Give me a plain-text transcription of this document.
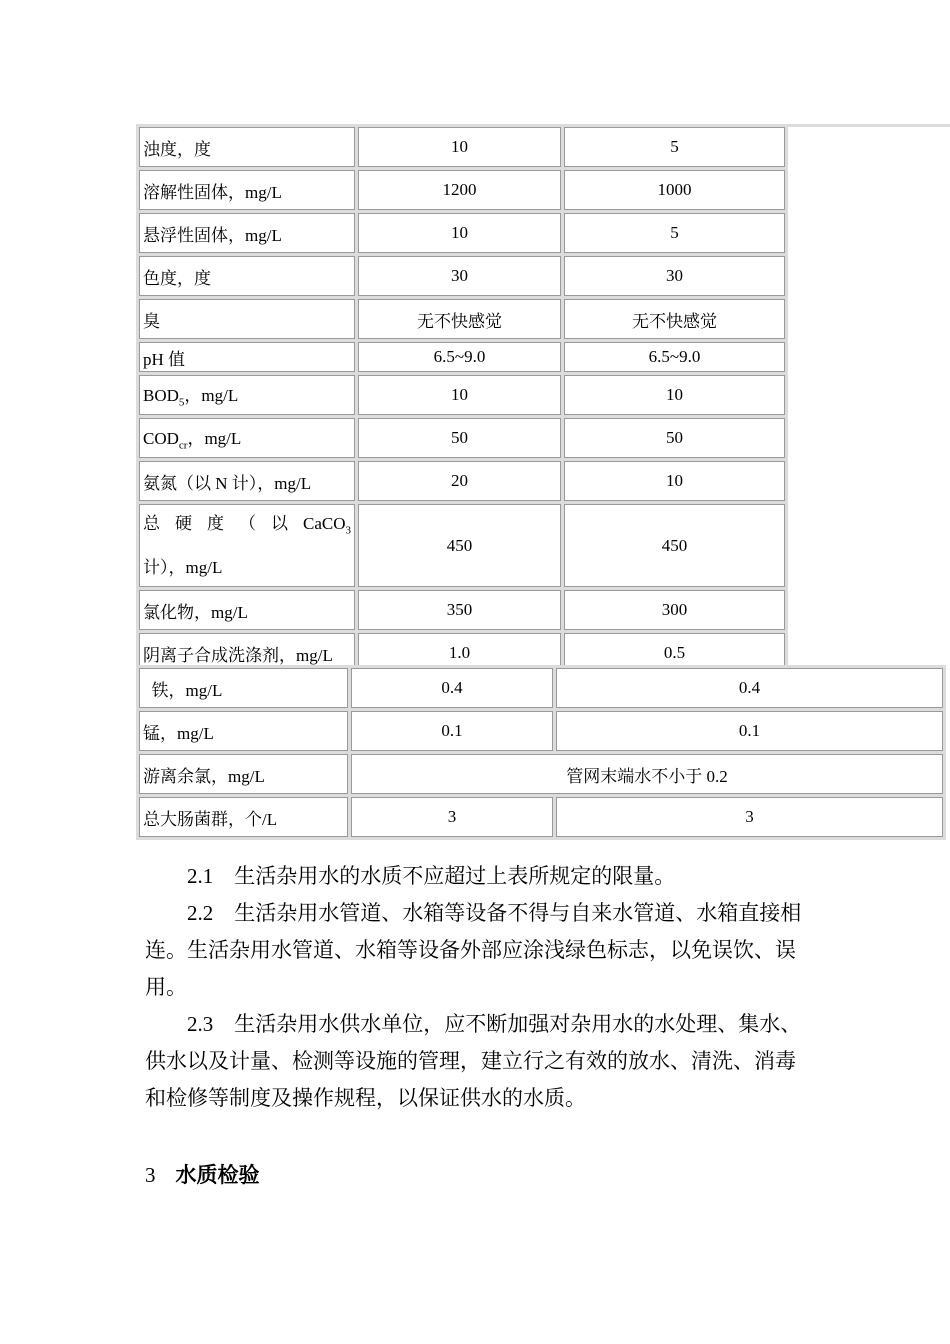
浊度，度	10	5
溶解性固体，mg/L	1200	1000
悬浮性固体，mg/L	10	5
色度，度	30	30
臭	无不快感觉	无不快感觉
pH 值	6.5~9.0	6.5~9.0
$BOD_5$，mg/L	10	10
$COD_{cr}$，mg/L	50	50
氨氮（以 N 计），mg/L	20	10

总 硬 度 （ 以 CaCO$_3$
计），mg/L	450	450
氯化物，mg/L	350	300
阴离子合成洗涤剂，mg/L	1.0	0.5
铁，mg/L	0.4	0.4
锰，mg/L	0.1	0.1
游离余氯，mg/L	管网末端水不小于 0.2	
总大肠菌群，个/L	3	3

2.1　 生活杂用水的水质不应超过上表所规定的限量。

2.2　 生活杂用水管道、水箱等设备不得与自来水管道、水箱直接相连。生活杂用水管道、水箱等设备外部应涂浅绿色标志，以免误饮、误用。

2.3　 生活杂用水供水单位，应不断加强对杂用水的水处理、集水、供水以及计量、检测等设施的管理，建立行之有效的放水、清洗、消毒和检修等制度及操作规程，以保证供水的水质。

3 水质检验
